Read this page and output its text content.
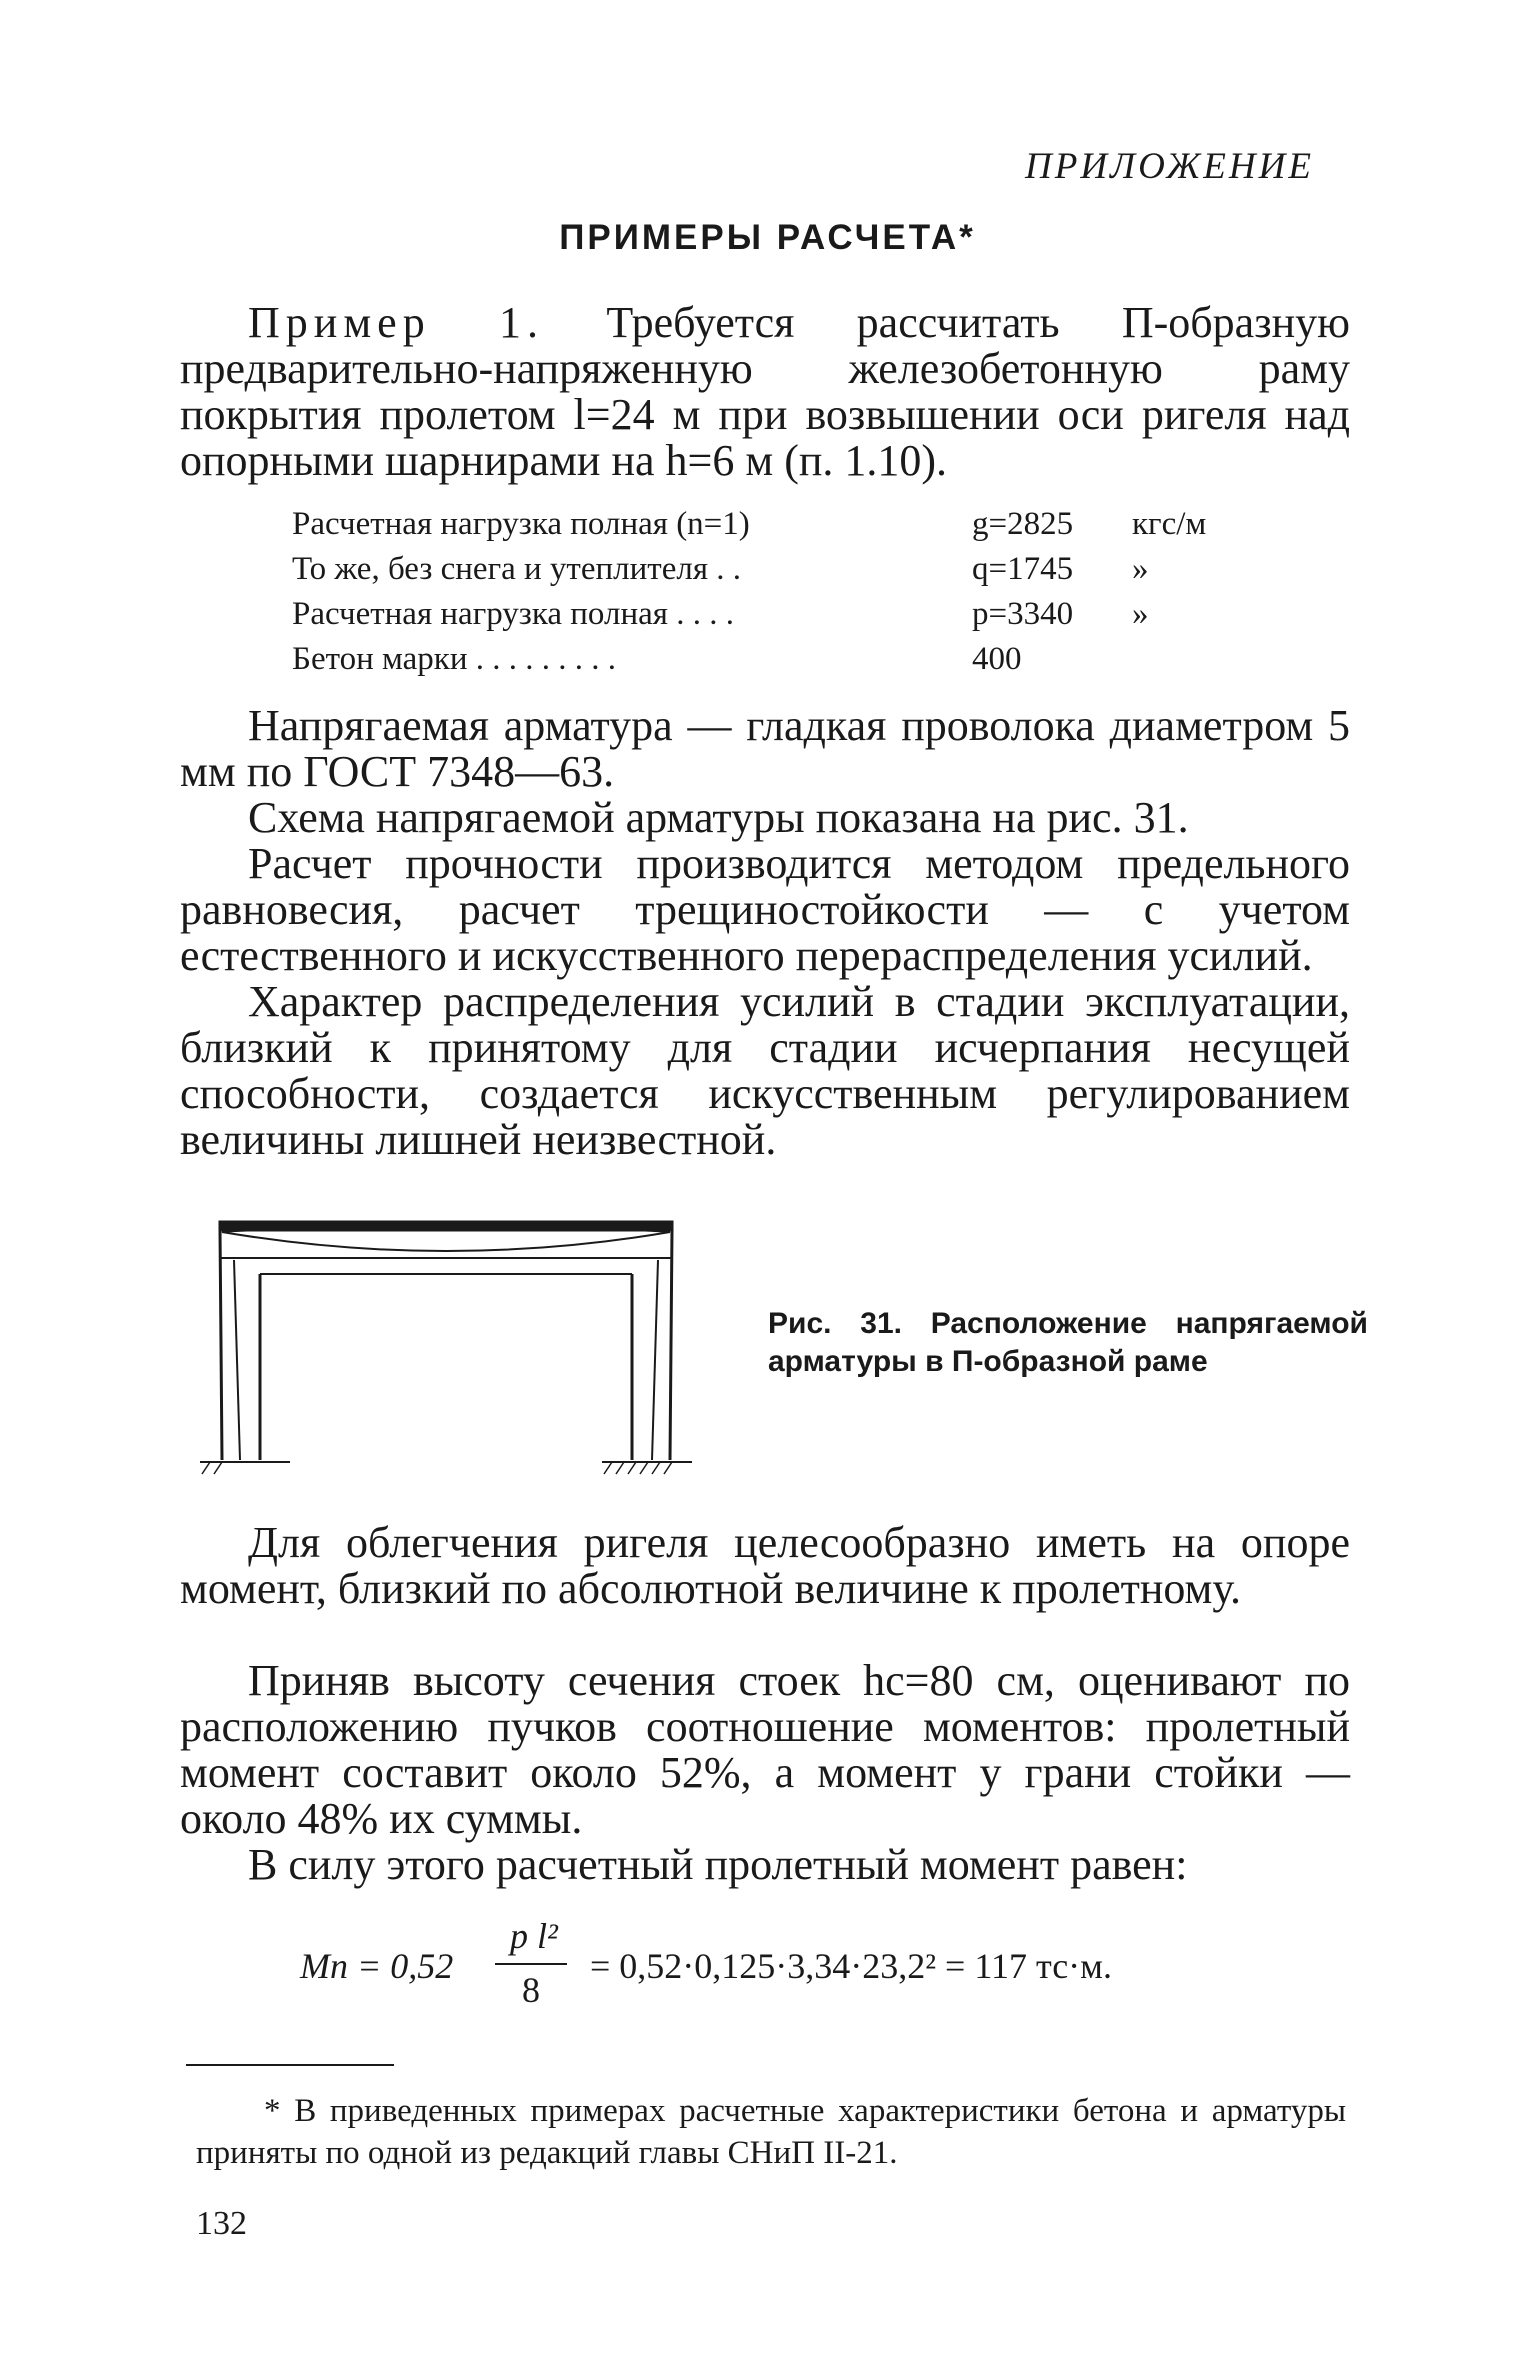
ПРИЛОЖЕНИЕ
ПРИМЕРЫ РАСЧЕТА*
Пример 1. Требуется рассчитать П-образную предварительно-напряженную железобетонную раму покрытия пролетом l=24 м при возвышении оси ригеля над опорными шарнирами на h=6 м (п. 1.10).
Расчетная нагрузка полная (n=1)	g=2825 кгс/м
То же, без снега и утеплителя . .	q=1745 »
Расчетная нагрузка полная . . . .	p=3340 »
Бетон марки . . . . . . . . .	400
Напрягаемая арматура — гладкая проволока диаметром 5 мм по ГОСТ 7348—63.
Схема напрягаемой арматуры показана на рис. 31.
Расчет прочности производится методом предельного равновесия, расчет трещиностойкости — с учетом естественного и искусственного перераспределения усилий.
Характер распределения усилий в стадии эксплуатации, близкий к принятому для стадии исчерпания несущей способности, создается искусственным регулированием величины лишней неизвестной.
Рис. 31. Расположение напрягаемой арматуры в П-образной раме
Для облегчения ригеля целесообразно иметь на опоре момент, близкий по абсолютной величине к пролетному.
Приняв высоту сечения стоек hc=80 см, оценивают по расположению пучков соотношение моментов: пролетный момент составит около 52%, а момент у грани стойки — около 48% их суммы.
В силу этого расчетный пролетный момент равен:
Мп = 0,52
p l²
8
= 0,52·0,125·3,34·23,2² = 117 тс·м.
* В приведенных примерах расчетные характеристики бетона и арматуры приняты по одной из редакций главы СНиП II-21.
132
